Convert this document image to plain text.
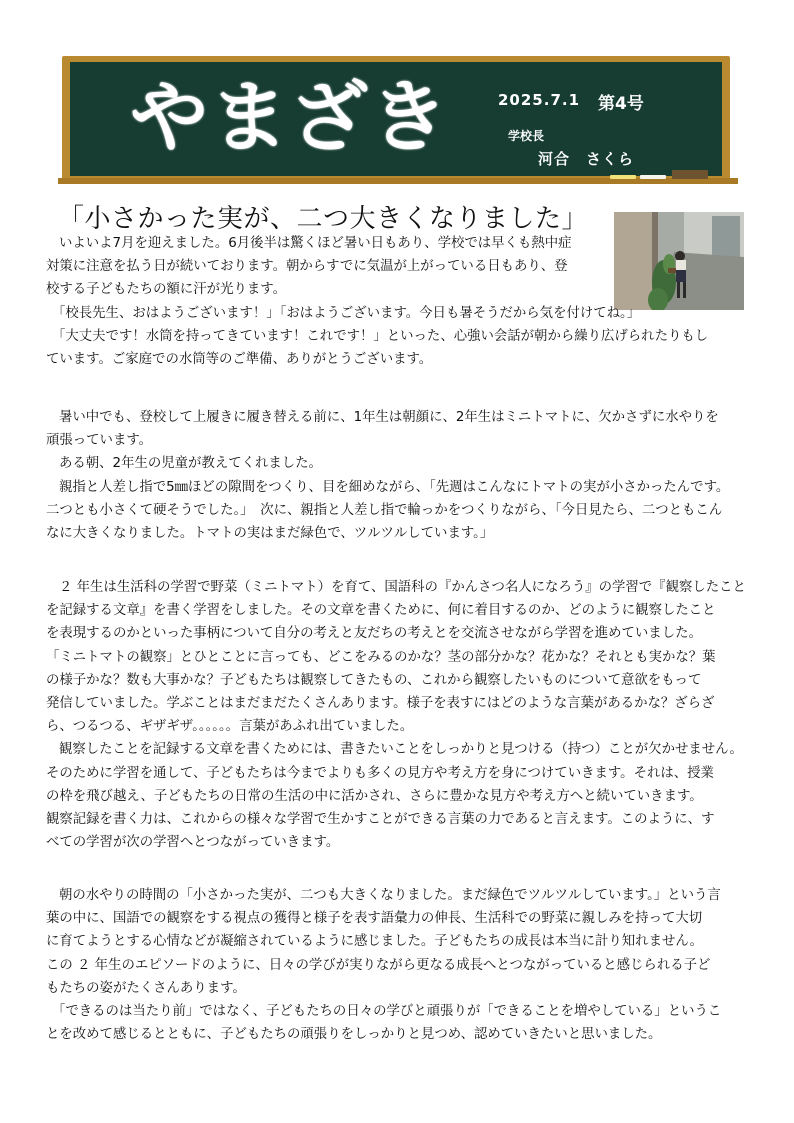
やまざき	2025.7.1 第4号
学校長
河合　さくら
「小さかった実が、二つ大きくなりました」
いよいよ7月を迎えました。6月後半は驚くほど暑い日もあり、学校では早くも熱中症
対策に注意を払う日が続いております。朝からすでに気温が上がっている日もあり、登
校する子どもたちの額に汗が光ります。
「校長先生、おはようございます！」「おはようございます。今日も暑そうだから気を付けてね。」
「大丈夫です！水筒を持ってきています！これです！」といった、心強い会話が朝から繰り広げられたりもし
ています。ご家庭での水筒等のご準備、ありがとうございます。
暑い中でも、登校して上履きに履き替える前に、1年生は朝顔に、2年生はミニトマトに、欠かさずに水やりを
頑張っています。
ある朝、2年生の児童が教えてくれました。
親指と人差し指で5㎜ほどの隙間をつくり、目を細めながら、「先週はこんなにトマトの実が小さかったんです。
二つとも小さくて硬そうでした。」　次に、親指と人差し指で輪っかをつくりながら、「今日見たら、二つともこん
なに大きくなりました。トマトの実はまだ緑色で、ツルツルしています。」
２ 年生は生活科の学習で野菜（ミニトマト）を育て、国語科の『かんさつ名人になろう』の学習で『観察したこと
を記録する文章』を書く学習をしました。その文章を書くために、何に着目するのか、どのように観察したこと
を表現するのかといった事柄について自分の考えと友だちの考えとを交流させながら学習を進めていました。
「ミニトマトの観察」とひとことに言っても、どこをみるのかな？茎の部分かな？花かな？それとも実かな？葉
の様子かな？数も大事かな？子どもたちは観察してきたもの、これから観察したいものについて意欲をもって
発信していました。学ぶことはまだまだたくさんあります。様子を表すにはどのような言葉があるかな？ざらざ
ら、つるつる、ギザギザ。。。。。。言葉があふれ出ていました。
観察したことを記録する文章を書くためには、書きたいことをしっかりと見つける（持つ）ことが欠かせません。
そのために学習を通して、子どもたちは今までよりも多くの見方や考え方を身につけていきます。それは、授業
の枠を飛び越え、子どもたちの日常の生活の中に活かされ、さらに豊かな見方や考え方へと続いていきます。
観察記録を書く力は、これからの様々な学習で生かすことができる言葉の力であると言えます。このように、す
べての学習が次の学習へとつながっていきます。
朝の水やりの時間の「小さかった実が、二つも大きくなりました。まだ緑色でツルツルしています。」という言
葉の中に、国語での観察をする視点の獲得と様子を表す語彙力の伸長、生活科での野菜に親しみを持って大切
に育てようとする心情などが凝縮されているように感じました。子どもたちの成長は本当に計り知れません。
この ２ 年生のエピソードのように、日々の学びが実りながら更なる成長へとつながっていると感じられる子ど
もたちの姿がたくさんあります。
「できるのは当たり前」ではなく、子どもたちの日々の学びと頑張りが「できることを増やしている」というこ
とを改めて感じるとともに、子どもたちの頑張りをしっかりと見つめ、認めていきたいと思いました。
